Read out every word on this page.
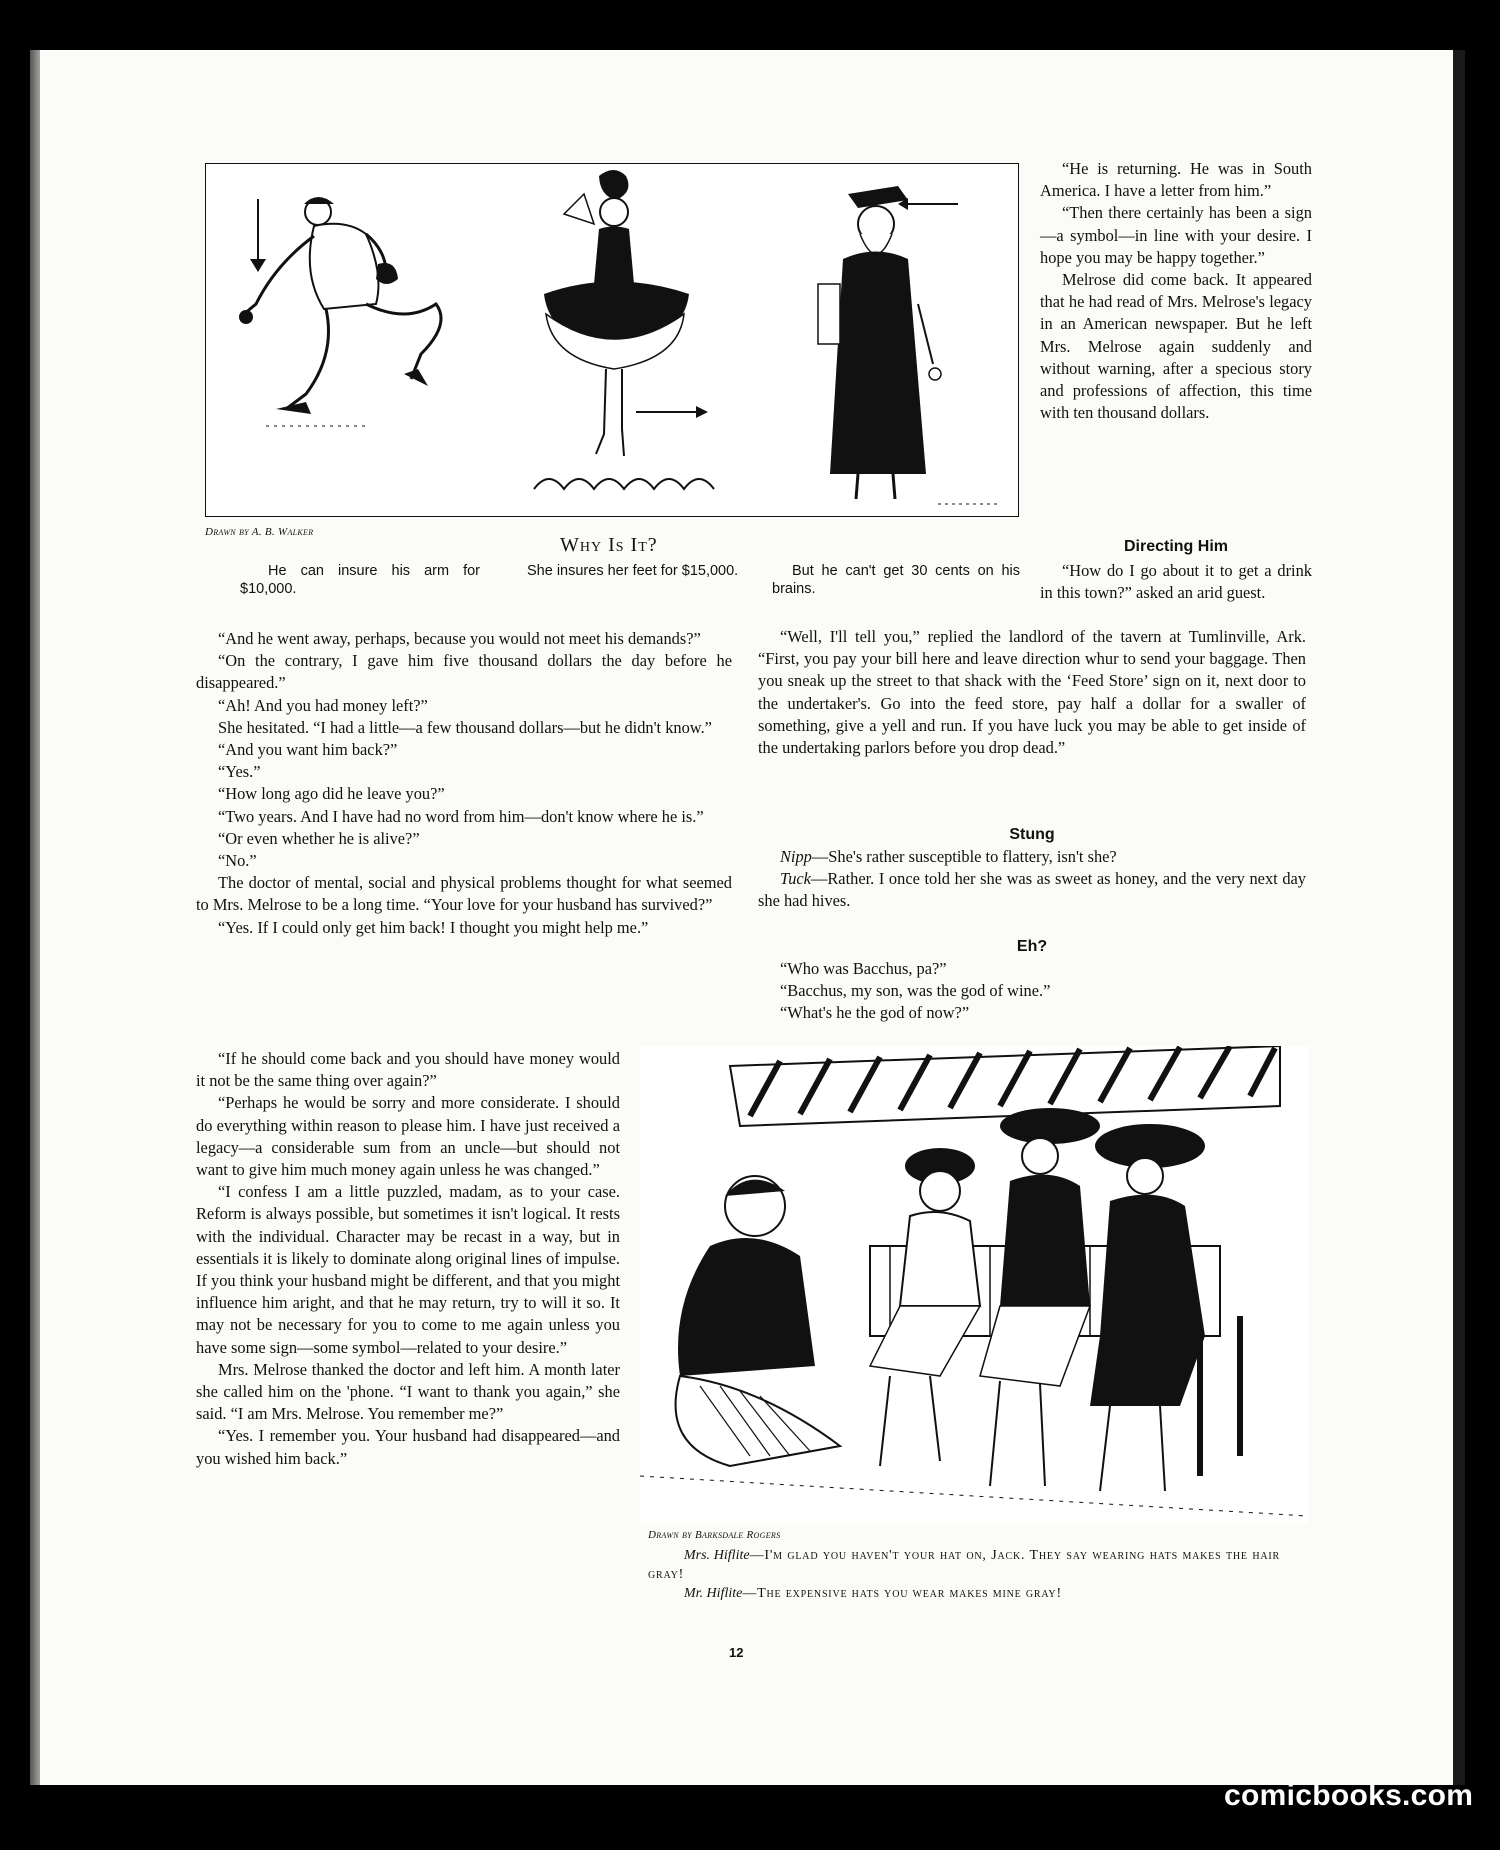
Drawn by A. B. Walker
Why Is It?
He can insure his arm for $10,000.
She insures her feet for $15,000.	But he can't get 30 cents on his brains.

“He is returning. He was in South America. I have a letter from him.”

“Then there certainly has been a sign—a symbol—in line with your desire. I hope you may be happy together.”

Melrose did come back. It appeared that he had read of Mrs. Melrose's legacy in an American newspaper. But he left Mrs. Melrose again suddenly and without warning, after a specious story and professions of affection, this time with ten thousand dollars.

Directing Him

“How do I go about it to get a drink in this town?” asked an arid guest.

“Well, I'll tell you,” replied the landlord of the tavern at Tumlinville, Ark. “First, you pay your bill here and leave direction whur to send your baggage. Then you sneak up the street to that shack with the ‘Feed Store’ sign on it, next door to the undertaker's. Go into the feed store, pay half a dollar for a swaller of something, give a yell and run. If you have luck you may be able to get inside of the undertaking parlors before you drop dead.”

Stung

Nipp—She's rather susceptible to flattery, isn't she?

Tuck—Rather. I once told her she was as sweet as honey, and the very next day she had hives.

Eh?

“Who was Bacchus, pa?”

“Bacchus, my son, was the god of wine.”

“What's he the god of now?”

“And he went away, perhaps, because you would not meet his demands?”

“On the contrary, I gave him five thousand dollars the day before he disappeared.”

“Ah! And you had money left?”

She hesitated. “I had a little—a few thousand dollars—but he didn't know.”

“And you want him back?”

“Yes.”

“How long ago did he leave you?”

“Two years. And I have had no word from him—don't know where he is.”

“Or even whether he is alive?”

“No.”

The doctor of mental, social and physical problems thought for what seemed to Mrs. Melrose to be a long time. “Your love for your husband has survived?”

“Yes. If I could only get him back! I thought you might help me.”

“If he should come back and you should have money would it not be the same thing over again?”

“Perhaps he would be sorry and more considerate. I should do everything within reason to please him. I have just received a legacy—a considerable sum from an uncle—but should not want to give him much money again unless he was changed.”

“I confess I am a little puzzled, madam, as to your case. Reform is always possible, but sometimes it isn't logical. It rests with the individual. Character may be recast in a way, but in essentials it is likely to dominate along original lines of impulse. If you think your husband might be different, and that you might influence him aright, and that he may return, try to will it so. It may not be necessary for you to come to me again unless you have some sign—some symbol—related to your desire.”

Mrs. Melrose thanked the doctor and left him. A month later she called him on the 'phone. “I want to thank you again,” she said. “I am Mrs. Melrose. You remember me?”

“Yes. I remember you. Your husband had disappeared—and you wished him back.”

Drawn by Barksdale Rogers

Mrs. Hiflite—I'm glad you haven't your hat on, Jack. They say wearing hats makes the hair gray!

Mr. Hiflite—The expensive hats you wear makes mine gray!

12
comicbooks.com
